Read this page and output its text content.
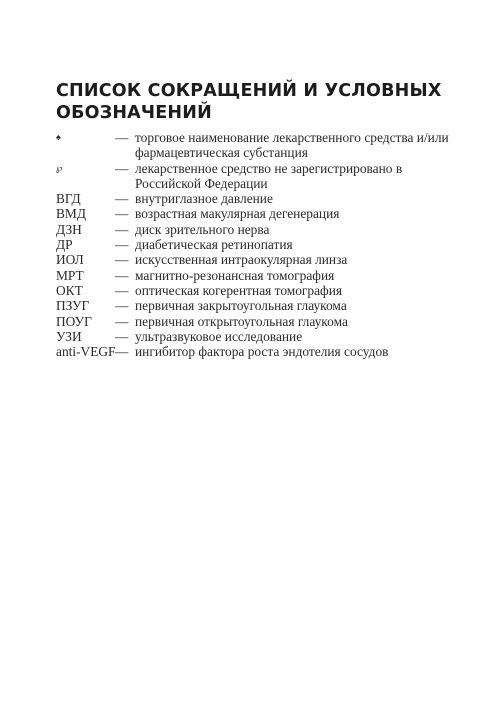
СПИСОК СОКРАЩЕНИЙ И УСЛОВНЫХ
ОБОЗНАЧЕНИЙ
♠	— торговое наименование лекарственного средства и/или фармацевтическая субстанция
℘	— лекарственное средство не зарегистрировано в Российской Федерации
ВГД	— внутриглазное давление
ВМД	— возрастная макулярная дегенерация
ДЗН	— диск зрительного нерва
ДР	— диабетическая ретинопатия
ИОЛ	— искусственная интраокулярная линза
МРТ	— магнитно-резонансная томография
ОКТ	— оптическая когерентная томография
ПЗУГ	— первичная закрытоугольная глаукома
ПОУГ	— первичная открытоугольная глаукома
УЗИ	— ультразвуковое исследование
anti-VEGF — ингибитор фактора роста эндотелия сосудов
